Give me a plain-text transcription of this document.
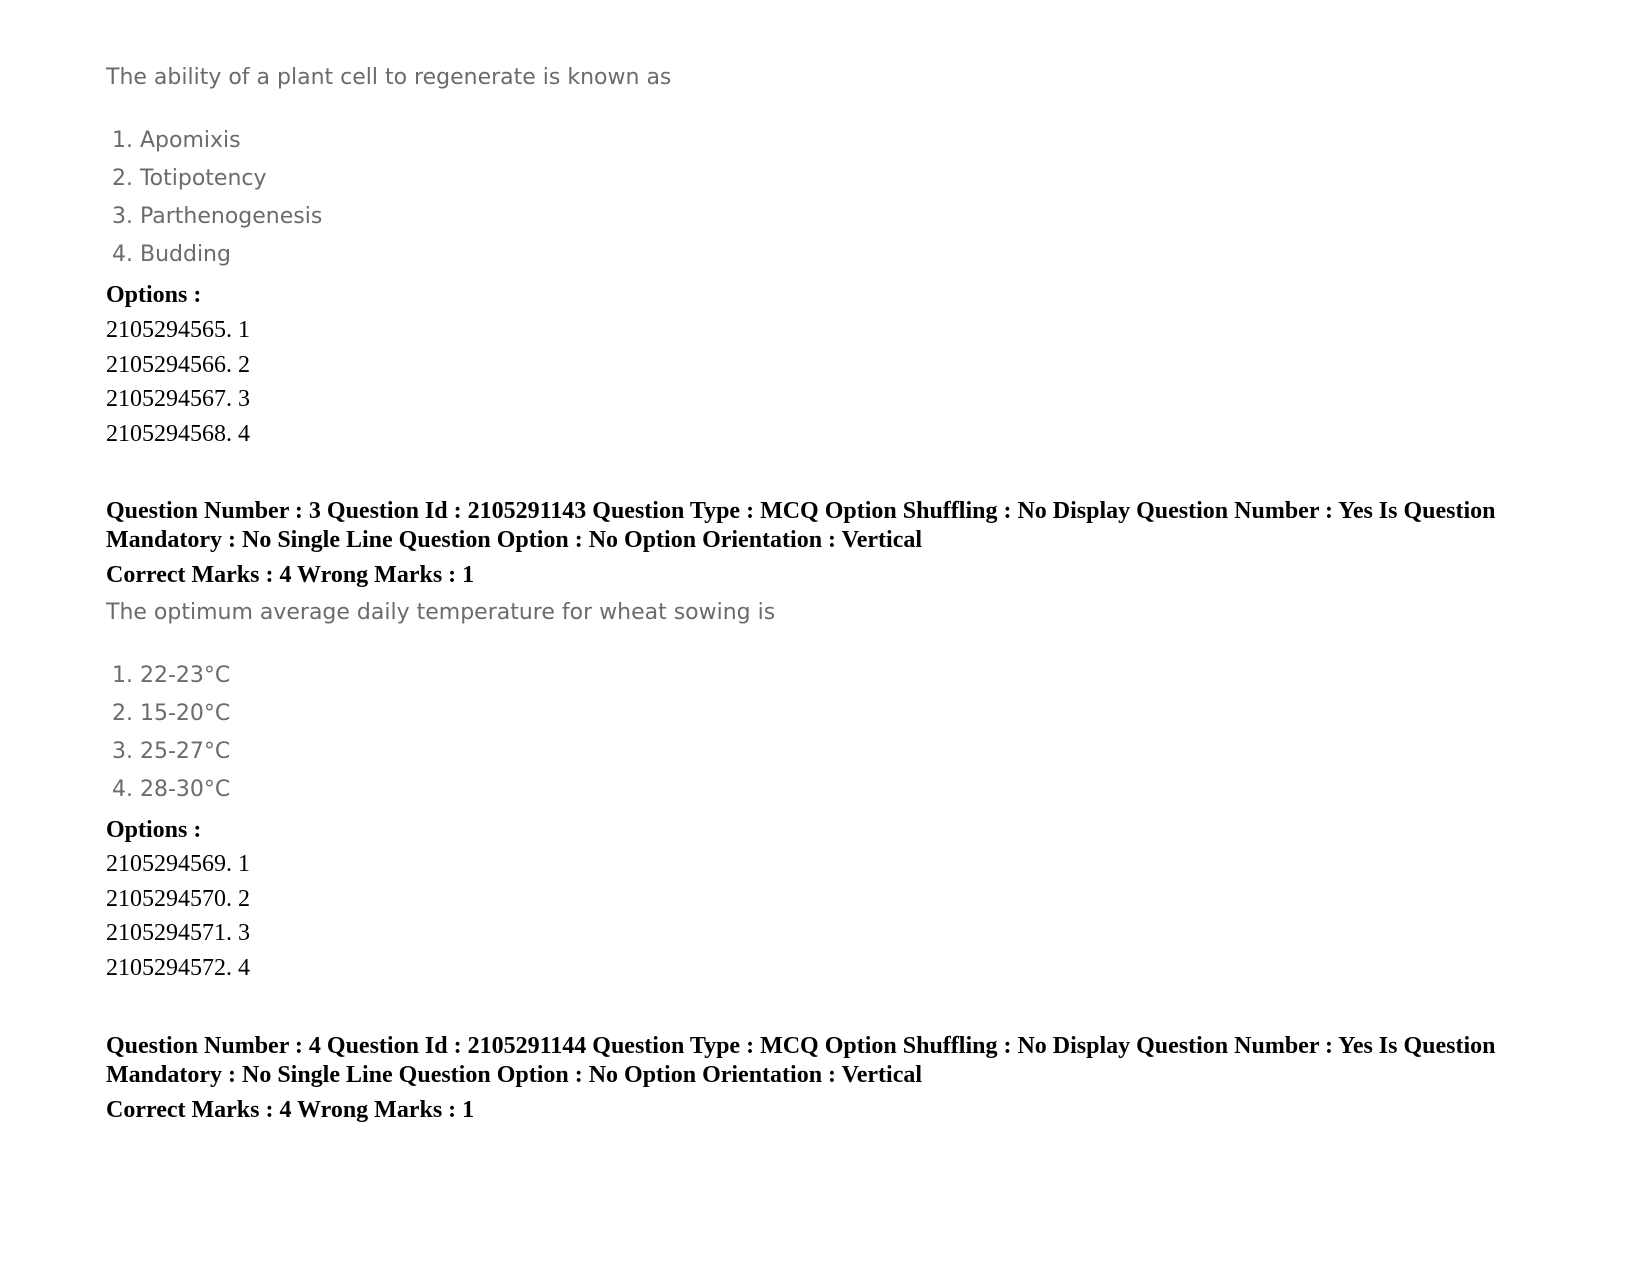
The ability of a plant cell to regenerate is known as
1. Apomixis
2. Totipotency
3. Parthenogenesis
4. Budding
Options :
2105294565. 1
2105294566. 2
2105294567. 3
2105294568. 4
Question Number : 3 Question Id : 2105291143 Question Type : MCQ Option Shuffling : No Display Question Number : Yes Is Question Mandatory : No Single Line Question Option : No Option Orientation : Vertical
Correct Marks : 4 Wrong Marks : 1
The optimum average daily temperature for wheat sowing is
1. 22-23°C
2. 15-20°C
3. 25-27°C
4. 28-30°C
Options :
2105294569. 1
2105294570. 2
2105294571. 3
2105294572. 4
Question Number : 4 Question Id : 2105291144 Question Type : MCQ Option Shuffling : No Display Question Number : Yes Is Question Mandatory : No Single Line Question Option : No Option Orientation : Vertical
Correct Marks : 4 Wrong Marks : 1
